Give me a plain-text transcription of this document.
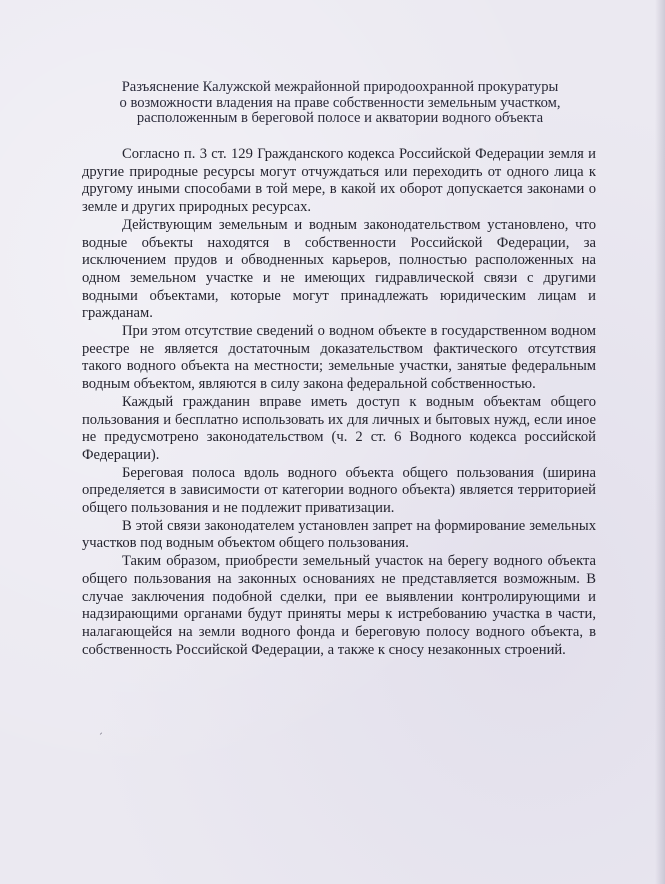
Разъяснение Калужской межрайонной природоохранной прокуратуры
о возможности владения на праве собственности земельным участком,
расположенным в береговой полосе и акватории водного объекта

Согласно п. 3 ст. 129 Гражданского кодекса Российской Федерации земля и другие природные ресурсы могут отчуждаться или переходить от одного лица к другому иными способами в той мере, в какой их оборот допускается законами о земле и других природных ресурсах.

Действующим земельным и водным законодательством установлено, что водные объекты находятся в собственности Российской Федерации, за исключением прудов и обводненных карьеров, полностью расположенных на одном земельном участке и не имеющих гидравлической связи с другими водными объектами, которые могут принадлежать юридическим лицам и гражданам.

При этом отсутствие сведений о водном объекте в государственном водном реестре не является достаточным доказательством фактического отсутствия такого водного объекта на местности; земельные участки, занятые федеральным водным объектом, являются в силу закона федеральной собственностью.

Каждый гражданин вправе иметь доступ к водным объектам общего пользования и бесплатно использовать их для личных и бытовых нужд, если иное не предусмотрено законодательством (ч. 2 ст. 6 Водного кодекса российской Федерации).

Береговая полоса вдоль водного объекта общего пользования (ширина определяется в зависимости от категории водного объекта) является территорией общего пользования и не подлежит приватизации.

В этой связи законодателем установлен запрет на формирование земельных участков под водным объектом общего пользования.

Таким образом, приобрести земельный участок на берегу водного объекта общего пользования на законных основаниях не представляется возможным. В случае заключения подобной сделки, при ее выявлении контролирующими и надзирающими органами будут приняты меры к истребованию участка в части, налагающейся на земли водного фонда и береговую полосу водного объекта, в собственность Российской Федерации, а также к сносу незаконных строений.

ˏ
